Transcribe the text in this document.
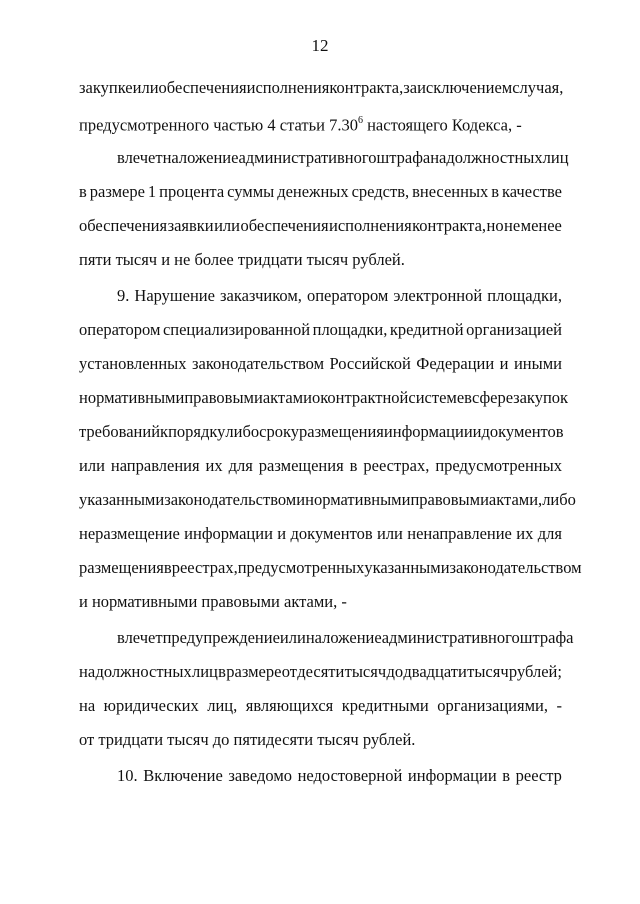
12
закупке или обеспечения исполнения контракта, за исключением случая,
предусмотренного частью 4 статьи 7.30$^6$ настоящего Кодекса, -
влечет наложение административного штрафа на должностных лиц
в размере 1 процента суммы денежных средств, внесенных в качестве
обеспечения заявки или обеспечения исполнения контракта, но не менее
пяти тысяч и не более тридцати тысяч рублей.
9. Нарушение заказчиком, оператором электронной площадки,
оператором специализированной площадки, кредитной организацией
установленных законодательством Российской Федерации и иными
нормативными правовыми актами о контрактной системе в сфере закупок
требований к порядку либо сроку размещения информации и документов
или направления их для размещения в реестрах, предусмотренных
указанными законодательством и нормативными правовыми актами, либо
неразмещение информации и документов или ненаправление их для
размещения в реестрах, предусмотренных указанными законодательством
и нормативными правовыми актами, -
влечет предупреждение или наложение административного штрафа
на должностных лиц в размере от десяти тысяч до двадцати тысяч рублей;
на юридических лиц, являющихся кредитными организациями, -
от тридцати тысяч до пятидесяти тысяч рублей.
10. Включение заведомо недостоверной информации в реестр
